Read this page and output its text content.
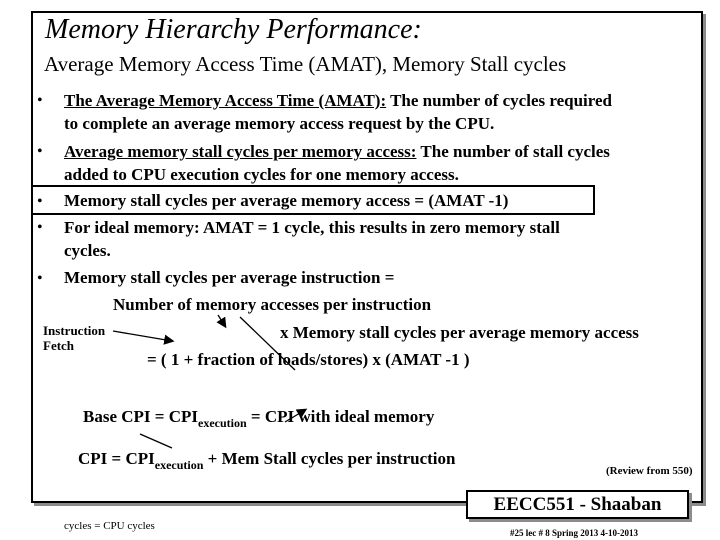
Memory Hierarchy Performance:
Average Memory Access Time (AMAT), Memory Stall cycles
• The Average Memory Access Time (AMAT): The number of cycles required
to complete an average memory access request by the CPU.
• Average memory stall cycles per memory access: The number of stall cycles
added to CPU execution cycles for one memory access.
• Memory stall cycles per average memory access = (AMAT -1)
• For ideal memory: AMAT = 1 cycle, this results in zero memory stall
cycles.
• Memory stall cycles per average instruction =
Number of memory accesses per instruction
x Memory stall cycles per average memory access
= ( 1 + fraction of loads/stores) x (AMAT -1 )
Instruction
Fetch
Base CPI = $CPI_{execution}$ = CPI with ideal memory
CPI = $CPI_{execution}$ + Mem Stall cycles per instruction
(Review from 550)
EECC551 - Shaaban
cycles = CPU cycles
#25 lec # 8 Spring 2013 4-10-2013
